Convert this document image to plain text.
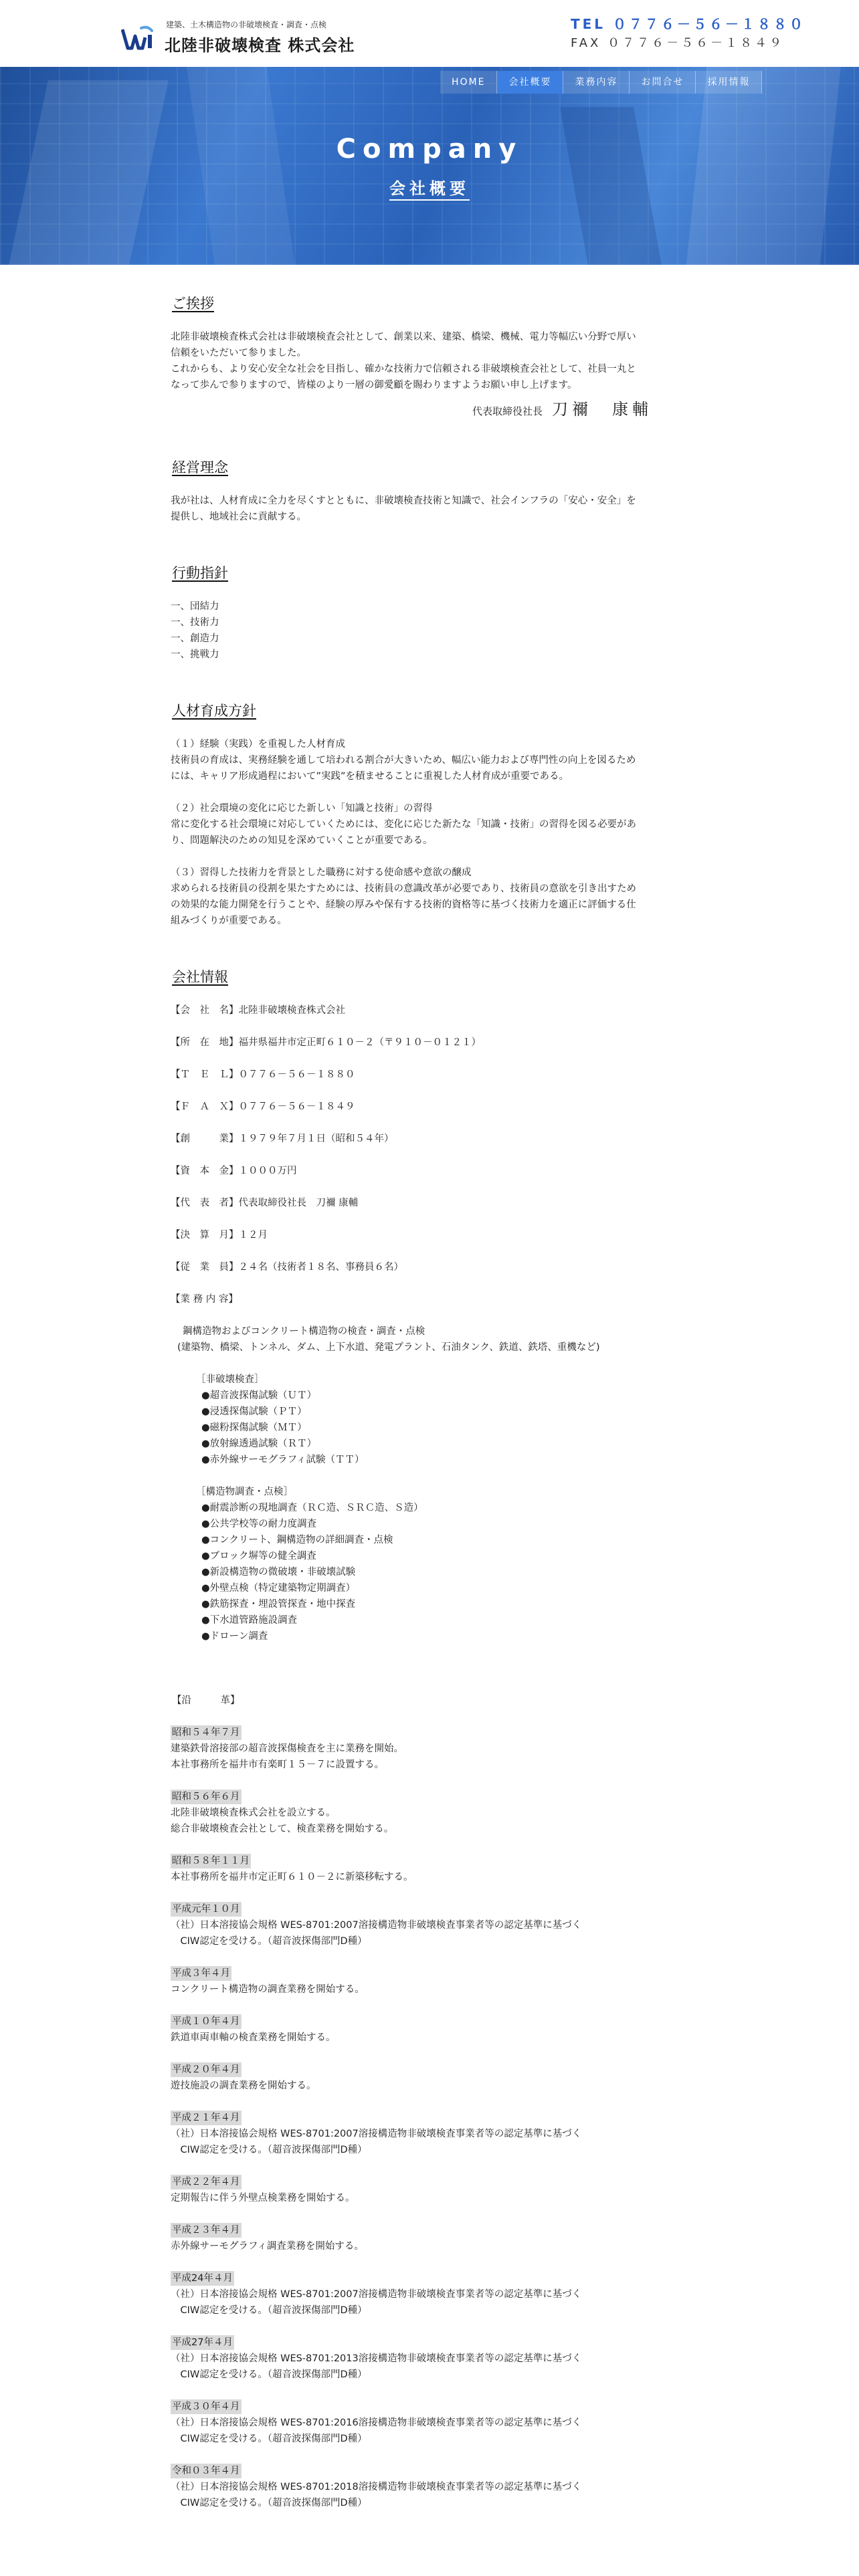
建築、土木構造物の非破壊検査・調査・点検
北陸非破壊検査 株式会社
TEL ０７７６－５６－１８８０
FAX ０７７６－５６－１８４９
HOME	会社概要	業務内容	お問合せ	採用情報
Company
会社概要
ご挨拶

北陸非破壊検査株式会社は非破壊検査会社として、創業以来、建築、橋梁、機械、電力等幅広い分野で厚い

信頼をいただいて参りました。

これからも、より安心安全な社会を目指し、確かな技術力で信頼される非破壊検査会社として、社員一丸と

なって歩んで参りますので、皆様のより一層の御愛顧を賜わりますようお願い申し上げます。

代表取締役社長 刀禰　康輔
経営理念

我が社は、人材育成に全力を尽くすとともに、非破壊検査技術と知識で、社会インフラの「安心・安全」を

提供し、地域社会に貢献する。

行動指針

一、団結力

一、技術力

一、創造力

一、挑戦力

人材育成方針
（１）経験（実践）を重視した人材育成
技術員の育成は、実務経験を通して培われる割合が大きいため、幅広い能力および専門性の向上を図るため
には、キャリア形成過程において”実践”を積ませることに重視した人材育成が重要である。
（２）社会環境の変化に応じた新しい「知識と技術」の習得
常に変化する社会環境に対応していくためには、変化に応じた新たな「知識・技術」の習得を図る必要があ
り、問題解決のための知見を深めていくことが重要である。
（３）習得した技術力を背景とした職務に対する使命感や意欲の醸成
求められる技術員の役割を果たすためには、技術員の意識改革が必要であり、技術員の意欲を引き出すため
の効果的な能力開発を行うことや、経験の厚みや保有する技術的資格等に基づく技術力を適正に評価する仕
組みづくりが重要である。
会社情報
【会　社　名】北陸非破壊検査株式会社
【所　在　地】福井県福井市定正町６１０－２（〒９１０－０１２１）
【Ｔ　Ｅ　Ｌ】０７７６－５６－１８８０
【Ｆ　Ａ　Ｘ】０７７６－５６－１８４９
【創　　　業】１９７９年７月１日（昭和５４年）
【資　本　金】１０００万円
【代　表　者】代表取締役社長　刀禰 康輔
【決　算　月】１２月
【従　業　員】２４名（技術者１８名、事務員６名）
【業 務 内 容】
鋼構造物およびコンクリート構造物の検査・調査・点検
(建築物、橋梁、トンネル、ダム、上下水道、発電プラント、石油タンク、鉄道、鉄塔、重機など)
［非破壊検査］
●超音波探傷試験（ＵＴ）
●浸透探傷試験（ＰＴ）
●磁粉探傷試験（ＭＴ）
●放射線透過試験（ＲＴ）
●赤外線サーモグラフィ試験（ＴＴ）
［構造物調査・点検］
●耐震診断の現地調査（ＲＣ造、ＳＲＣ造、Ｓ造）
●公共学校等の耐力度調査
●コンクリート、鋼構造物の詳細調査・点検
●ブロック塀等の健全調査
●新設構造物の微破壊・非破壊試験
●外壁点検（特定建築物定期調査）
●鉄筋探査・埋設管探査・地中探査
●下水道管路施設調査
●ドローン調査
【沿　　　革】
昭和５４年７月
建築鉄骨溶接部の超音波探傷検査を主に業務を開始。
本社事務所を福井市有楽町１５－７に設置する。
昭和５６年６月
北陸非破壊検査株式会社を設立する。
総合非破壊検査会社として、検査業務を開始する。
昭和５８年１１月
本社事務所を福井市定正町６１０－２に新築移転する。
平成元年１０月
（社）日本溶接協会規格 WES-8701:2007溶接構造物非破壊検査事業者等の認定基準に基づく
　CIW認定を受ける。（超音波探傷部門D種）
平成３年４月
コンクリート構造物の調査業務を開始する。
平成１０年４月
鉄道車両車軸の検査業務を開始する。
平成２０年４月
遊技施設の調査業務を開始する。
平成２１年４月
（社）日本溶接協会規格 WES-8701:2007溶接構造物非破壊検査事業者等の認定基準に基づく
　CIW認定を受ける。（超音波探傷部門D種）
平成２２年４月
定期報告に伴う外壁点検業務を開始する。
平成２３年４月
赤外線サーモグラフィ調査業務を開始する。
平成24年４月
（社）日本溶接協会規格 WES-8701:2007溶接構造物非破壊検査事業者等の認定基準に基づく
　CIW認定を受ける。（超音波探傷部門D種）
平成27年４月
（社）日本溶接協会規格 WES-8701:2013溶接構造物非破壊検査事業者等の認定基準に基づく
　CIW認定を受ける。（超音波探傷部門D種）
平成３０年４月
（社）日本溶接協会規格 WES-8701:2016溶接構造物非破壊検査事業者等の認定基準に基づく
　CIW認定を受ける。（超音波探傷部門D種）
令和０３年４月
（社）日本溶接協会規格 WES-8701:2018溶接構造物非破壊検査事業者等の認定基準に基づく
　CIW認定を受ける。（超音波探傷部門D種）
